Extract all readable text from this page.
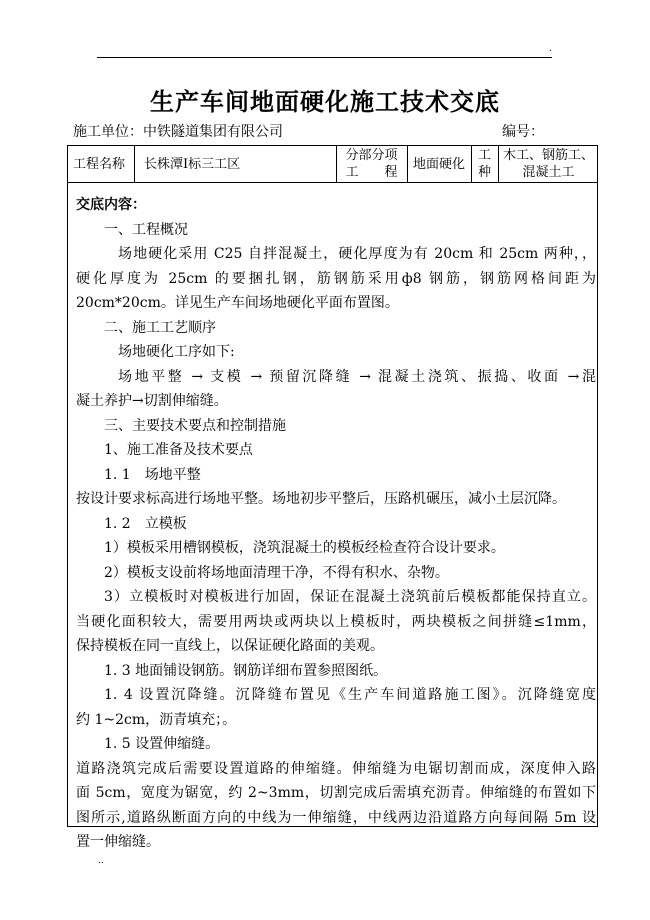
.
生产车间地面硬化施工技术交底
施工单位：中铁隧道集团有限公司	编号：
工程名称 长株潭Ⅰ标三工区
分部分项
工　　程
地面硬化
工
种
木工、钢筋工、
混凝土工

交底内容：

一、工程概况

场地硬化采用 C25 自拌混凝土，硬化厚度为有 20cm 和 25cm 两种，，

硬化厚度为 25cm 的要捆扎钢，筋钢筋采用ф8 钢筋，钢筋网格间距为

20cm*20cm。详见生产车间场地硬化平面布置图。

二、施工工艺顺序

场地硬化工序如下:

场地平整 → 支模 → 预留沉降缝 → 混凝土浇筑、振捣、收面 →混

凝土养护→切割伸缩缝。

三、主要技术要点和控制措施

1、施工准备及技术要点

1. 1　场地平整

按设计要求标高进行场地平整。场地初步平整后，压路机碾压，减小土层沉降。

1. 2　立模板

1）模板采用槽钢模板，浇筑混凝土的模板经检查符合设计要求。

2）模板支设前将场地面清理干净，不得有积水、杂物。

3）立模板时对模板进行加固，保证在混凝土浇筑前后模板都能保持直立。

当硬化面积较大，需要用两块或两块以上模板时，两块模板之间拼缝≤1mm，

保持模板在同一直线上，以保证硬化路面的美观。

1. 3 地面铺设钢筋。钢筋详细布置参照图纸。

1. 4 设置沉降缝。沉降缝布置见《生产车间道路施工图》。沉降缝宽度

约 1~2cm，沥青填充；。

1. 5 设置伸缩缝。

道路浇筑完成后需要设置道路的伸缩缝。伸缩缝为电锯切割而成，深度伸入路

面 5cm，宽度为锯宽，约 2~3mm，切割完成后需填充沥青。伸缩缝的布置如下

图所示,道路纵断面方向的中线为一伸缩缝，中线两边沿道路方向每间隔 5m 设

置一伸缩缝。

..
